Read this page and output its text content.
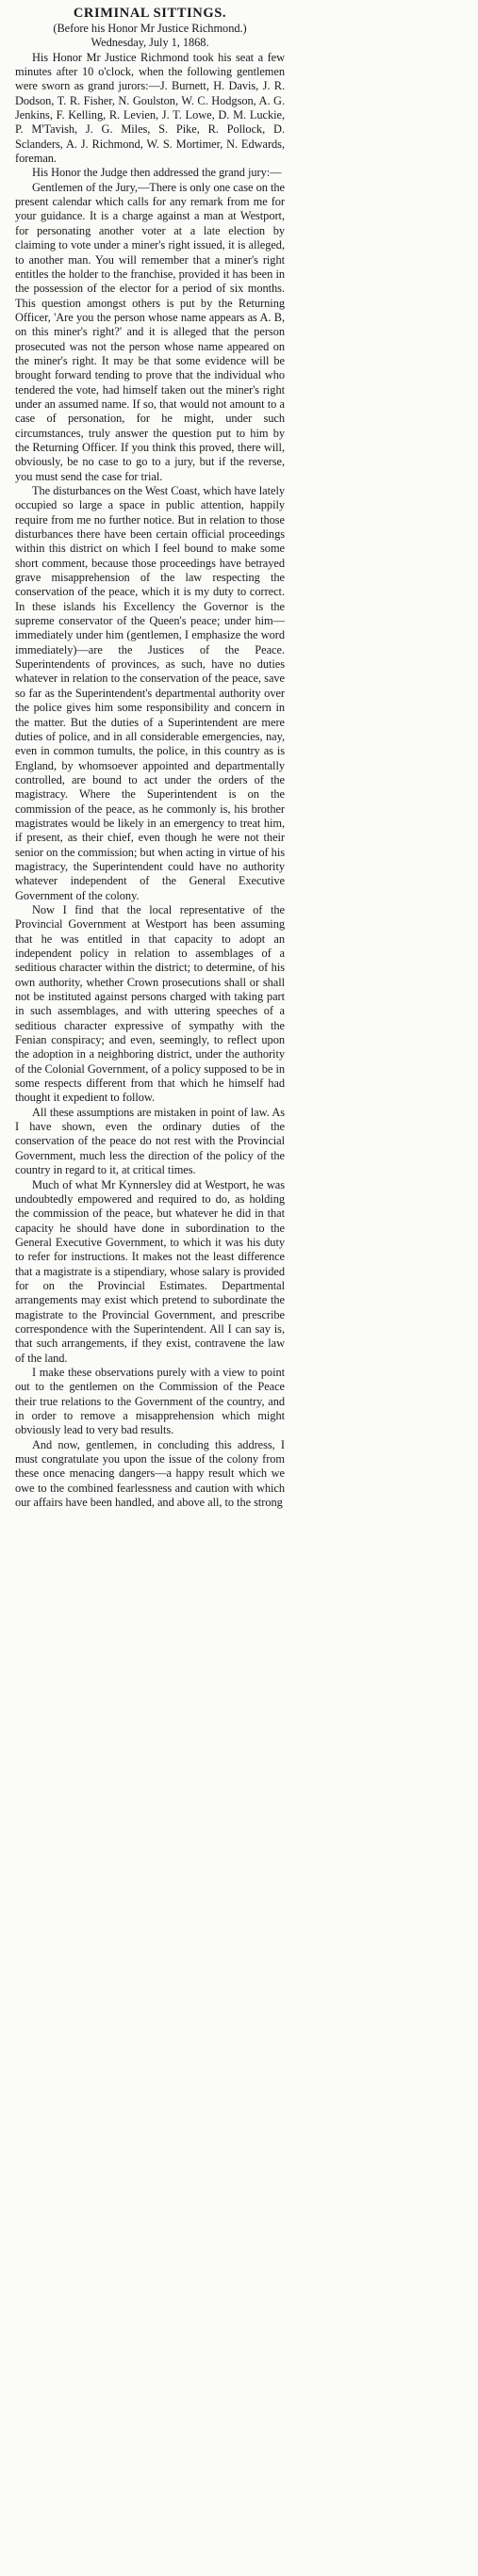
CRIMINAL SITTINGS.

(Before his Honor Mr Justice Richmond.)

Wednesday, July 1, 1868.

His Honor Mr Justice Richmond took his seat a few minutes after 10 o'clock, when the following gentlemen were sworn as grand jurors:—J. Burnett, H. Davis, J. R. Dodson, T. R. Fisher, N. Goulston, W. C. Hodgson, A. G. Jenkins, F. Kelling, R. Levien, J. T. Lowe, D. M. Luckie, P. M'Tavish, J. G. Miles, S. Pike, R. Pollock, D. Sclanders, A. J. Richmond, W. S. Mortimer, N. Edwards, foreman.

His Honor the Judge then addressed the grand jury:—

Gentlemen of the Jury,—There is only one case on the present calendar which calls for any remark from me for your guidance. It is a charge against a man at Westport, for personating another voter at a late election by claiming to vote under a miner's right issued, it is alleged, to another man. You will remember that a miner's right entitles the holder to the franchise, provided it has been in the possession of the elector for a period of six months. This question amongst others is put by the Returning Officer, 'Are you the person whose name appears as A. B, on this miner's right?' and it is alleged that the person prosecuted was not the person whose name appeared on the miner's right. It may be that some evidence will be brought forward tending to prove that the individual who tendered the vote, had himself taken out the miner's right under an assumed name. If so, that would not amount to a case of personation, for he might, under such circumstances, truly answer the question put to him by the Returning Officer. If you think this proved, there will, obviously, be no case to go to a jury, but if the reverse, you must send the case for trial.

The disturbances on the West Coast, which have lately occupied so large a space in public attention, happily require from me no further notice. But in relation to those disturbances there have been certain official proceedings within this district on which I feel bound to make some short comment, because those proceedings have betrayed grave misapprehension of the law respecting the conservation of the peace, which it is my duty to correct. In these islands his Excellency the Governor is the supreme conservator of the Queen's peace; under him—immediately under him (gentlemen, I emphasize the word immediately)—are the Justices of the Peace. Superintendents of provinces, as such, have no duties whatever in relation to the conservation of the peace, save so far as the Superintendent's departmental authority over the police gives him some responsibility and concern in the matter. But the duties of a Superintendent are mere duties of police, and in all considerable emergencies, nay, even in common tumults, the police, in this country as is England, by whomsoever appointed and departmentally controlled, are bound to act under the orders of the magistracy. Where the Superintendent is on the commission of the peace, as he commonly is, his brother magistrates would be likely in an emergency to treat him, if present, as their chief, even though he were not their senior on the commission; but when acting in virtue of his magistracy, the Superintendent could have no authority whatever independent of the General Executive Government of the colony.

Now I find that the local representative of the Provincial Government at Westport has been assuming that he was entitled in that capacity to adopt an independent policy in relation to assemblages of a seditious character within the district; to determine, of his own authority, whether Crown prosecutions shall or shall not be instituted against persons charged with taking part in such assemblages, and with uttering speeches of a seditious character expressive of sympathy with the Fenian conspiracy; and even, seemingly, to reflect upon the adoption in a neighboring district, under the authority of the Colonial Government, of a policy supposed to be in some respects different from that which he himself had thought it expedient to follow.

All these assumptions are mistaken in point of law. As I have shown, even the ordinary duties of the conservation of the peace do not rest with the Provincial Government, much less the direction of the policy of the country in regard to it, at critical times.

Much of what Mr Kynnersley did at Westport, he was undoubtedly empowered and required to do, as holding the commission of the peace, but whatever he did in that capacity he should have done in subordination to the General Executive Government, to which it was his duty to refer for instructions. It makes not the least difference that a magistrate is a stipendiary, whose salary is provided for on the Provincial Estimates. Departmental arrangements may exist which pretend to subordinate the magistrate to the Provincial Government, and prescribe correspondence with the Superintendent. All I can say is, that such arrangements, if they exist, contravene the law of the land.

I make these observations purely with a view to point out to the gentlemen on the Commission of the Peace their true relations to the Government of the country, and in order to remove a misapprehension which might obviously lead to very bad results.

And now, gentlemen, in concluding this address, I must congratulate you upon the issue of the colony from these once menacing dangers—a happy result which we owe to the combined fearlessness and caution with which our affairs have been handled, and above all, to the strong
